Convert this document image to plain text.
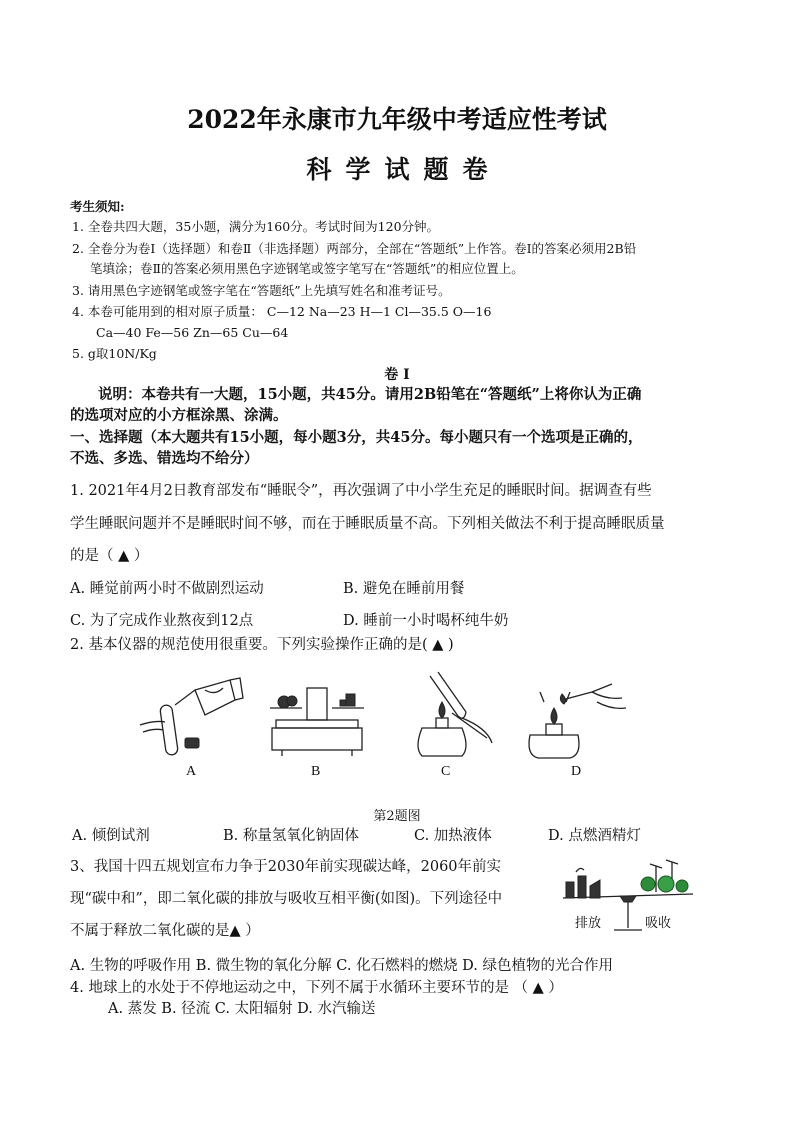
2022年永康市九年级中考适应性考试
科学试题卷
考生须知:
1. 全卷共四大题，35小题，满分为160分。考试时间为120分钟。
2. 全卷分为卷Ⅰ（选择题）和卷Ⅱ（非选择题）两部分，全部在“答题纸”上作答。卷Ⅰ的答案必须用2B铅
笔填涂；卷Ⅱ的答案必须用黑色字迹钢笔或签字笔写在“答题纸”的相应位置上。
3. 请用黑色字迹钢笔或签字笔在“答题纸”上先填写姓名和准考证号。
4. 本卷可能用到的相对原子质量： C—12 Na—23 H—1 Cl—35.5 O—16
Ca—40 Fe—56 Zn—65 Cu—64
5. g取10N/Kg
卷 Ⅰ
说明：本卷共有一大题，15小题，共45分。请用2B铅笔在“答题纸”上将你认为正确
的选项对应的小方框涂黑、涂满。
一、选择题（本大题共有15小题，每小题3分，共45分。每小题只有一个选项是正确的，
不选、多选、错选均不给分）
1. 2021年4月2日教育部发布“睡眠令”，再次强调了中小学生充足的睡眠时间。据调查有些
学生睡眠问题并不是睡眠时间不够，而在于睡眠质量不高。下列相关做法不利于提高睡眠质量
的是（ ▲ ）
A. 睡觉前两小时不做剧烈运动	B. 避免在睡前用餐
C. 为了完成作业熬夜到12点	D. 睡前一小时喝杯纯牛奶
2. 基本仪器的规范使用很重要。下列实验操作正确的是( ▲ )
A	B	C	D
第2题图
A. 倾倒试剂	B. 称量氢氧化钠固体	C. 加热液体	D. 点燃酒精灯
3、我国十四五规划宣布力争于2030年前实现碳达峰，2060年前实
现“碳中和”，即二氧化碳的排放与吸收互相平衡(如图)。下列途径中
不属于释放二氧化碳的是▲ ）	排放	吸收
A. 生物的呼吸作用 B. 微生物的氧化分解 C. 化石燃料的燃烧 D. 绿色植物的光合作用
4. 地球上的水处于不停地运动之中，下列不属于水循环主要环节的是 （ ▲ ）
A. 蒸发 B. 径流 C. 太阳辐射 D. 水汽输送
